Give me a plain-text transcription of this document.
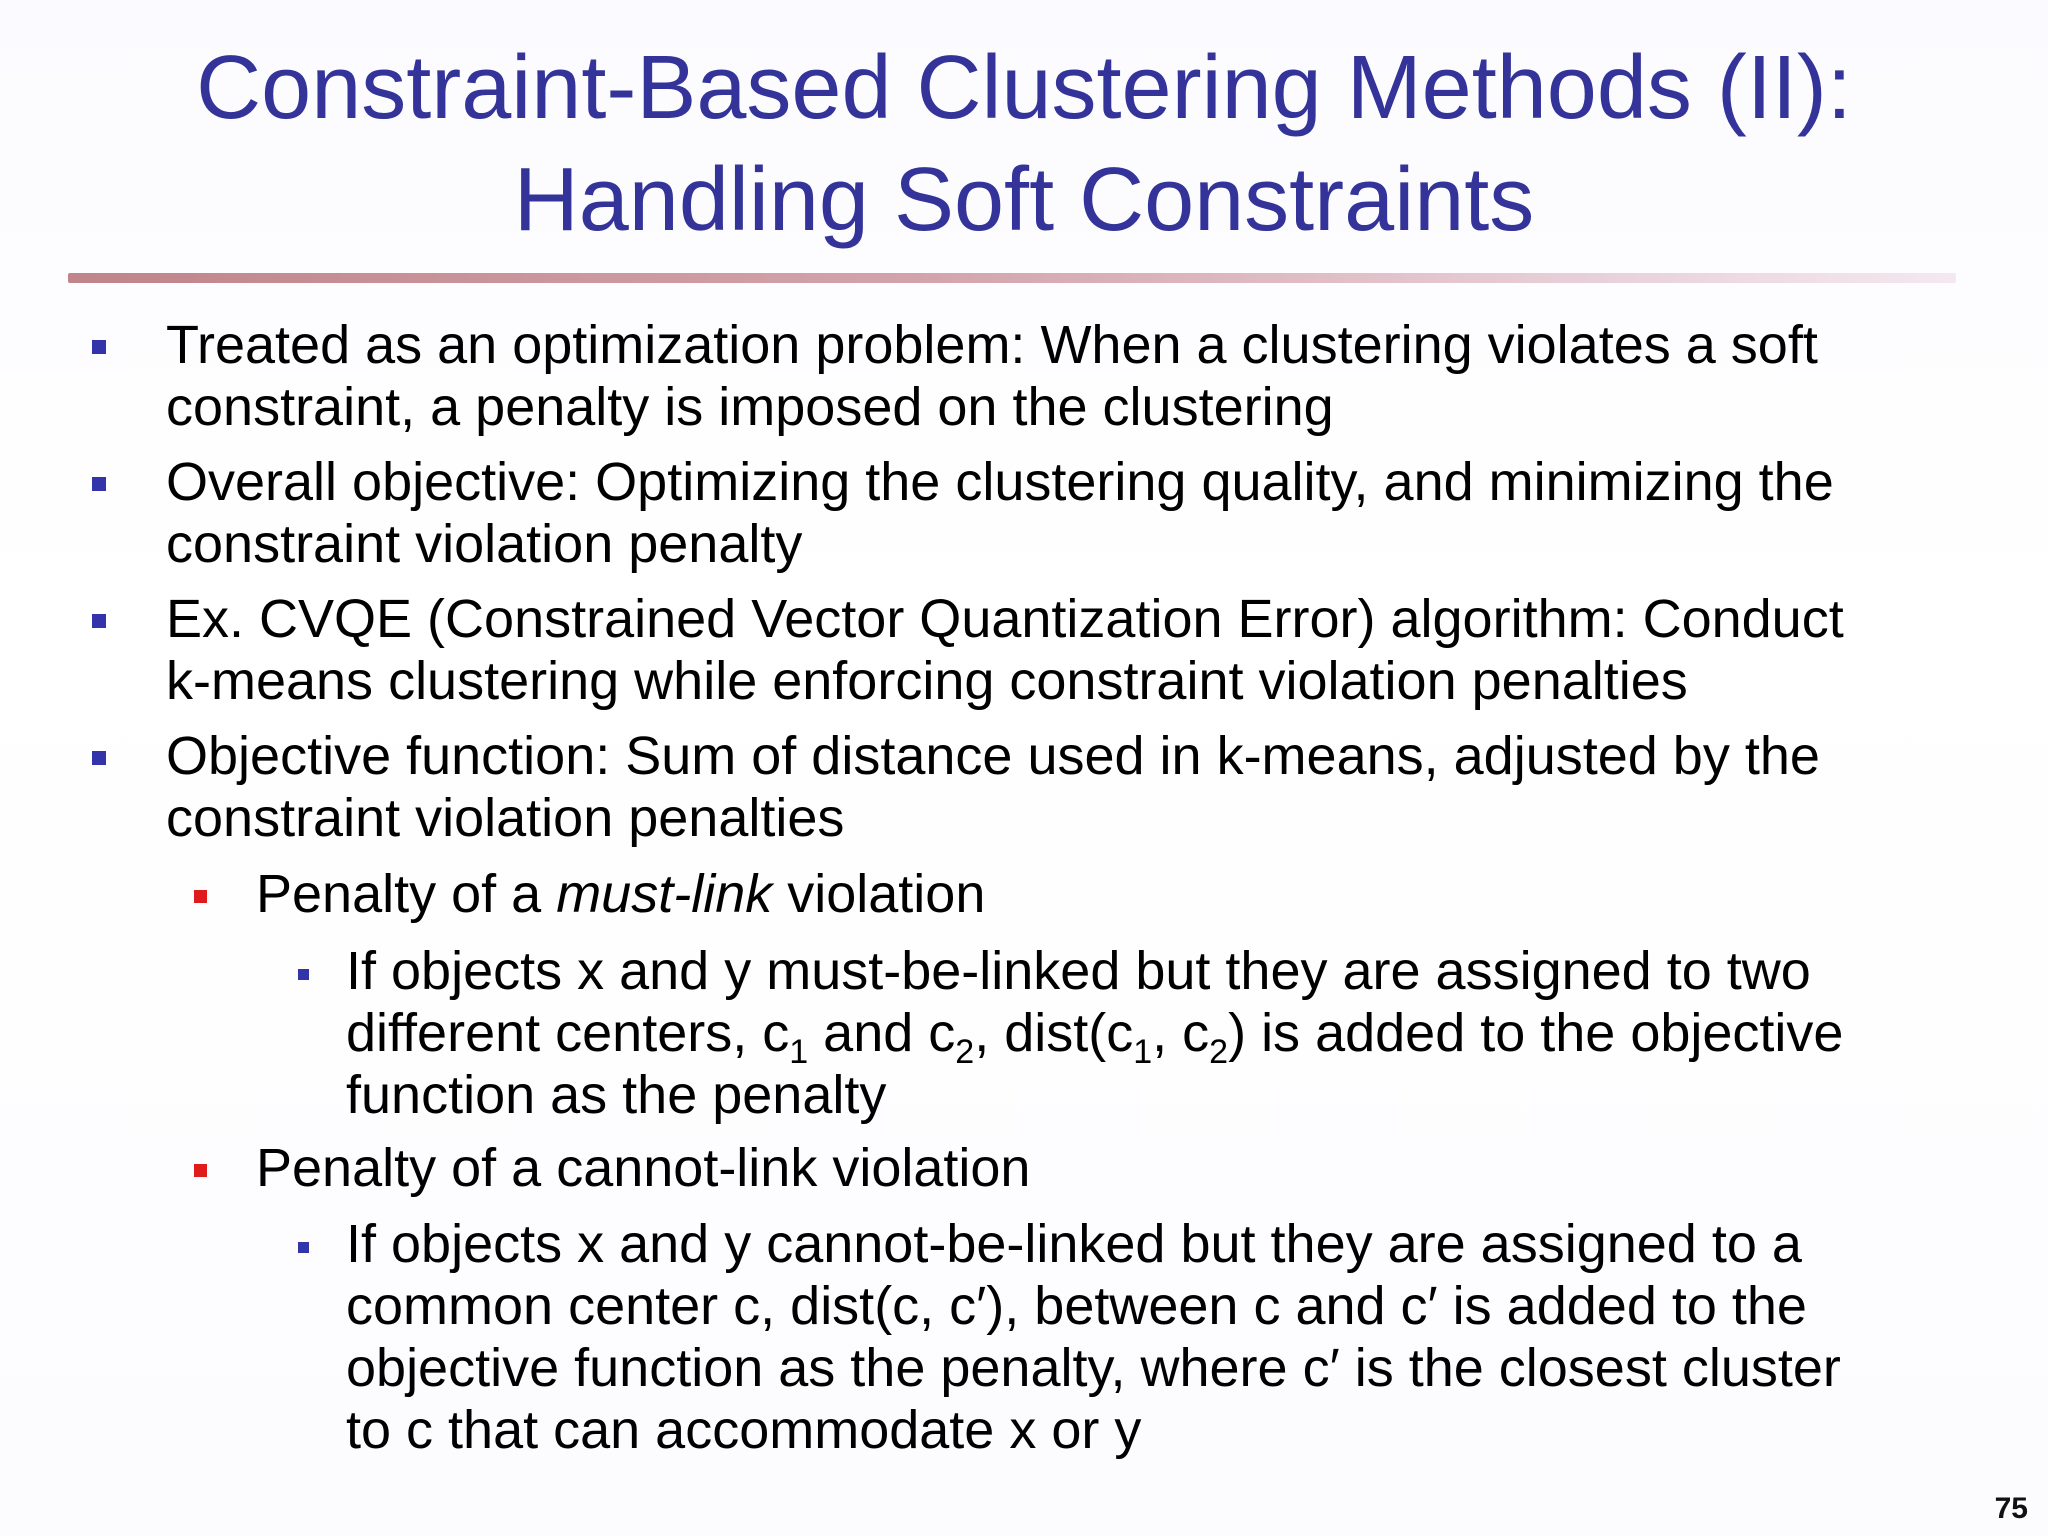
Constraint-Based Clustering Methods (II):
Handling Soft Constraints
Treated as an optimization problem: When a clustering violates a soft
constraint, a penalty is imposed on the clustering
Overall objective: Optimizing the clustering quality, and minimizing the
constraint violation penalty
Ex. CVQE (Constrained Vector Quantization Error) algorithm: Conduct
k-means clustering while enforcing constraint violation penalties
Objective function: Sum of distance used in k-means, adjusted by the
constraint violation penalties
Penalty of a must-link violation
If objects x and y must-be-linked but they are assigned to two
different centers, $c_1$ and $c_2$, $dist(c_1$, $c_2$) is added to the objective
function as the penalty
Penalty of a cannot-link violation
If objects x and y cannot-be-linked but they are assigned to a
common center c, dist(c, c′), between c and c′ is added to the
objective function as the penalty, where c′ is the closest cluster
to c that can accommodate x or y
75
